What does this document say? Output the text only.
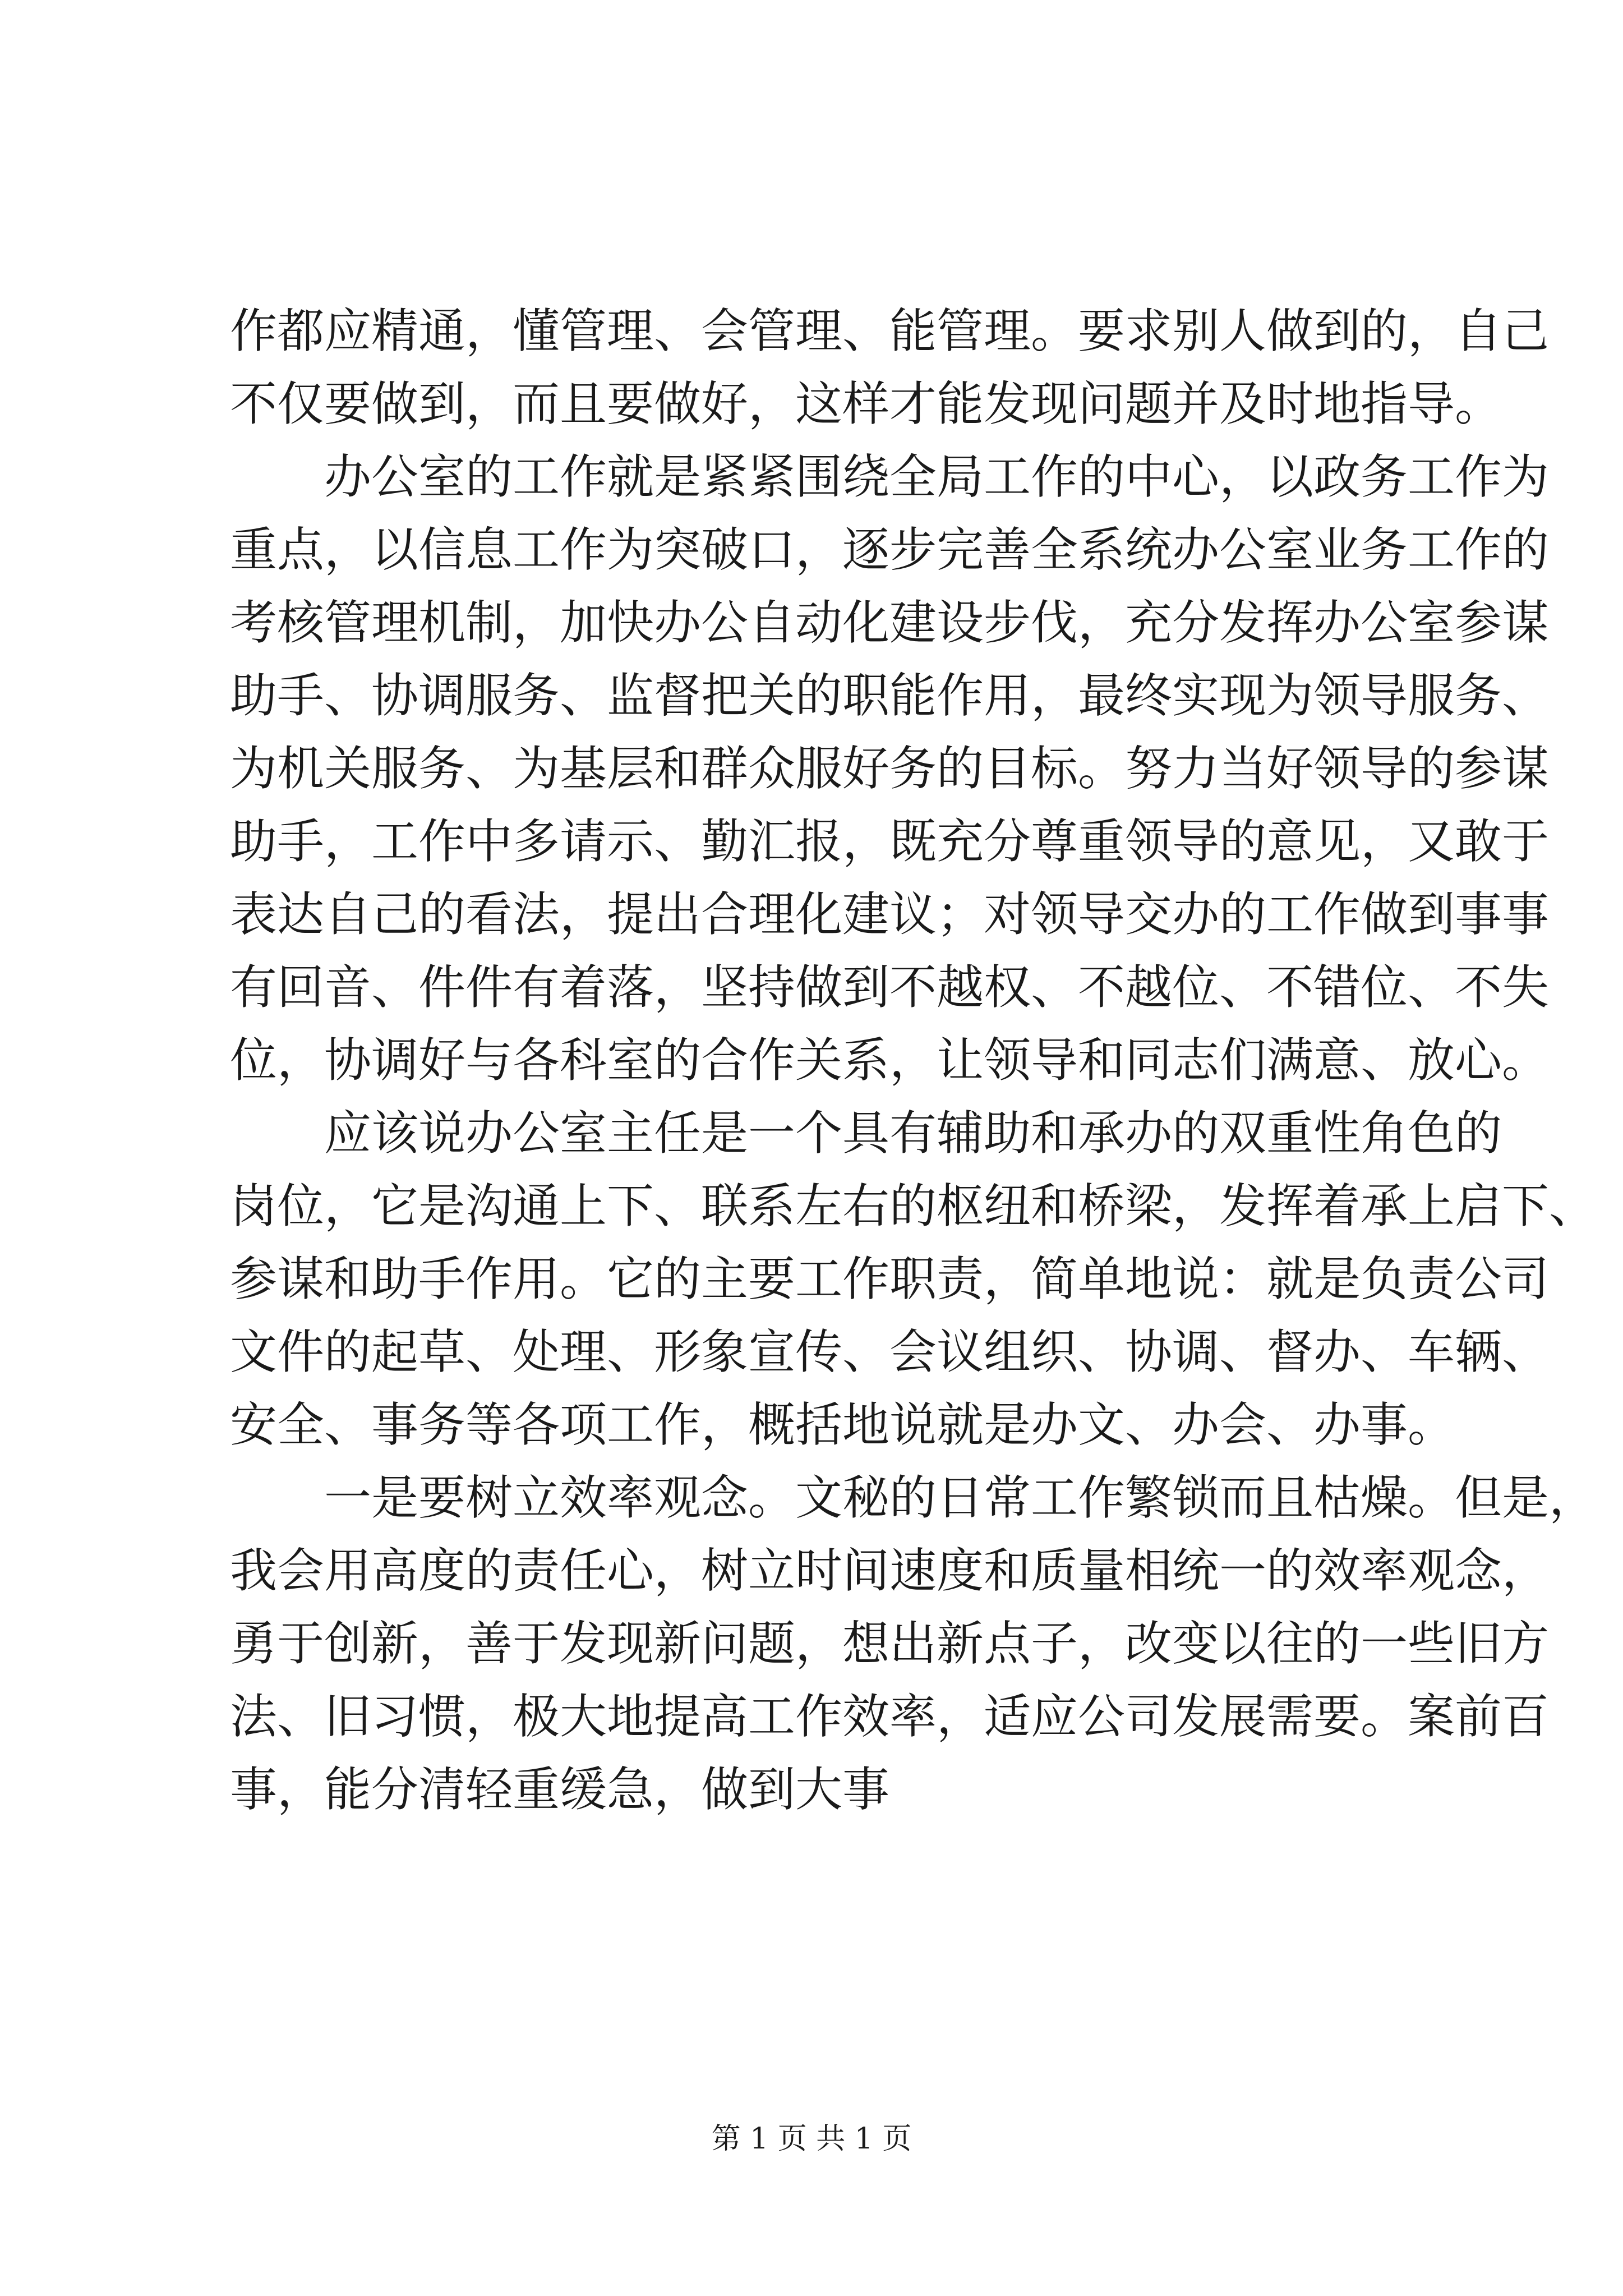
作都应精通，懂管理、会管理、能管理。要求别人做到的，自己
不仅要做到，而且要做好，这样才能发现问题并及时地指导。
办公室的工作就是紧紧围绕全局工作的中心，以政务工作为
重点，以信息工作为突破口，逐步完善全系统办公室业务工作的
考核管理机制，加快办公自动化建设步伐，充分发挥办公室参谋
助手、协调服务、监督把关的职能作用，最终实现为领导服务、
为机关服务、为基层和群众服好务的目标。努力当好领导的参谋
助手，工作中多请示、勤汇报，既充分尊重领导的意见，又敢于
表达自己的看法，提出合理化建议；对领导交办的工作做到事事
有回音、件件有着落，坚持做到不越权、不越位、不错位、不失
位，协调好与各科室的合作关系，让领导和同志们满意、放心。
应该说办公室主任是一个具有辅助和承办的双重性角色的
岗位，它是沟通上下、联系左右的枢纽和桥梁，发挥着承上启下、
参谋和助手作用。它的主要工作职责，简单地说：就是负责公司
文件的起草、处理、形象宣传、会议组织、协调、督办、车辆、
安全、事务等各项工作，概括地说就是办文、办会、办事。
一是要树立效率观念。文秘的日常工作繁锁而且枯燥。但是，
我会用高度的责任心，树立时间速度和质量相统一的效率观念，
勇于创新，善于发现新问题，想出新点子，改变以往的一些旧方
法、旧习惯，极大地提高工作效率，适应公司发展需要。案前百
事，能分清轻重缓急，做到大事
第 1 页 共 1 页
